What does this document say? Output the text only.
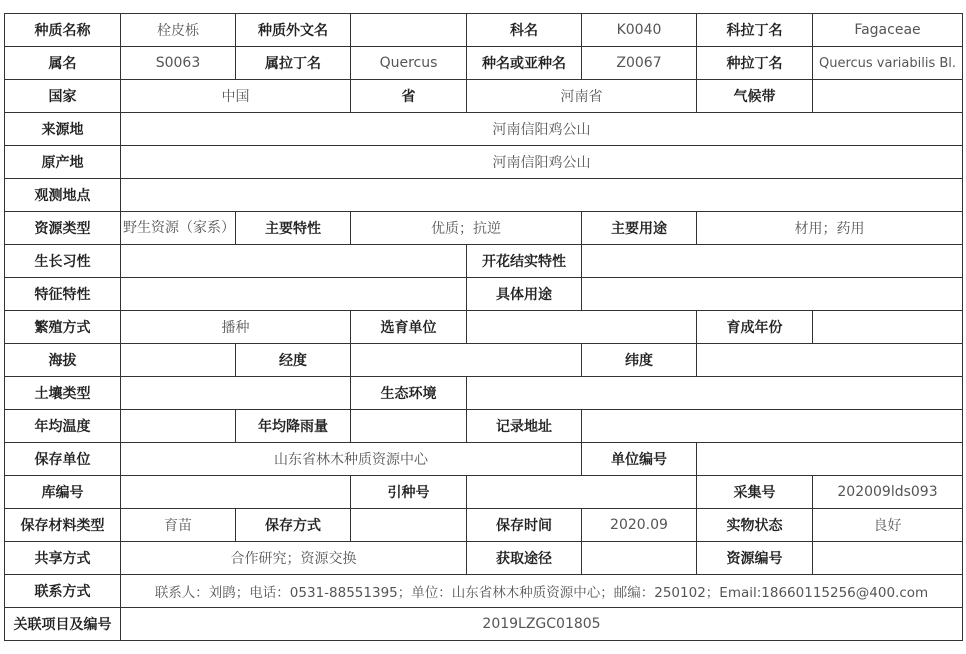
种质名称	栓皮栎	种质外文名		科名	K0040	科拉丁名	Fagaceae
属名	S0063	属拉丁名	Quercus	种名或亚种名	Z0067	种拉丁名	Quercus variabilis Bl.
国家	中国		省	河南省		气候带	
来源地	河南信阳鸡公山						
原产地	河南信阳鸡公山						
观测地点							
资源类型	野生资源（家系）	主要特性	优质；抗逆		主要用途	材用；药用	
生长习性				开花结实特性			
特征特性				具体用途			
繁殖方式	播种		选育单位			育成年份	
海拔		经度			纬度		
土壤类型			生态环境				
年均温度		年均降雨量		记录地址			
保存单位	山东省林木种质资源中心				单位编号		
库编号			引种号			采集号	202009lds093
保存材料类型	育苗	保存方式		保存时间	2020.09	实物状态	良好
共享方式	合作研究；资源交换			获取途径		资源编号	
联系方式	联系人：刘鹍；电话：0531-88551395；单位：山东省林木种质资源中心；邮编：250102；Email:18660115256@400.com						
关联项目及编号	2019LZGC01805						
